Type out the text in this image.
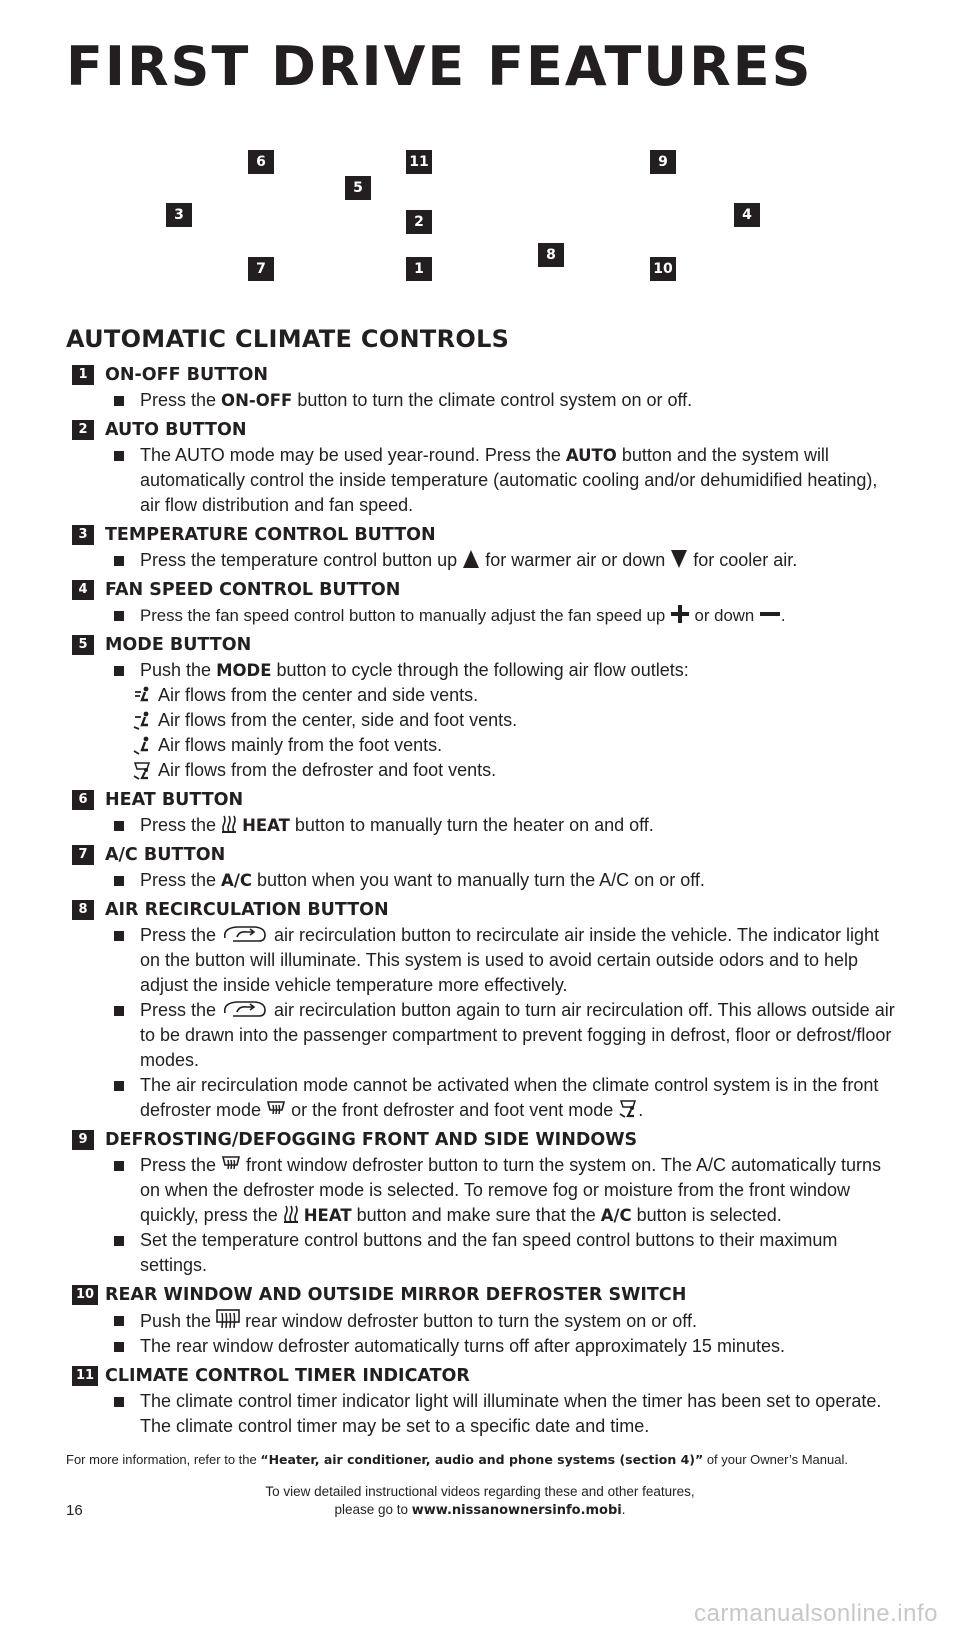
FIRST DRIVE FEATURES
6	11	9
5
3	2	4
8
7	1	10
AUTOMATIC CLIMATE CONTROLS
1 ON-OFF BUTTON
Press the ON-OFF button to turn the climate control system on or off.
2 AUTO BUTTON
The AUTO mode may be used year-round. Press the AUTO button and the system will automatically control the inside temperature (automatic cooling and/or dehumidified heating), air flow distribution and fan speed.
3 TEMPERATURE CONTROL BUTTON
Press the temperature control button up  for warmer air or down  for cooler air.
4 FAN SPEED CONTROL BUTTON
Press the fan speed control button to manually adjust the fan speed up  or down .
5 MODE BUTTON
Push the MODE button to cycle through the following air flow outlets:
Air flows from the center and side vents.
Air flows from the center, side and foot vents.
Air flows mainly from the foot vents.
Air flows from the defroster and foot vents.
6 HEAT BUTTON
Press the  HEAT button to manually turn the heater on and off.
7 A/C BUTTON
Press the A/C button when you want to manually turn the A/C on or off.
8 AIR RECIRCULATION BUTTON
Press the	air recirculation button to recirculate air inside the vehicle. The indicator light on the button will illuminate. This system is used to avoid certain outside odors and to help adjust the inside vehicle temperature more effectively.
Press the	air recirculation button again to turn air recirculation off. This allows outside air to be drawn into the passenger compartment to prevent fogging in defrost, floor or defrost/floor modes.
The air recirculation mode cannot be activated when the climate control system is in the front defroster mode  or the front defroster and foot vent mode .
9 DEFROSTING/DEFOGGING FRONT AND SIDE WINDOWS
Press the  front window defroster button to turn the system on. The A/C automatically turns on when the defroster mode is selected. To remove fog or moisture from the front window quickly, press the  HEAT button and make sure that the A/C button is selected.
Set the temperature control buttons and the fan speed control buttons to their maximum settings.
10 REAR WINDOW AND OUTSIDE MIRROR DEFROSTER SWITCH
Push the  rear window defroster button to turn the system on or off.
The rear window defroster automatically turns off after approximately 15 minutes.
11 CLIMATE CONTROL TIMER INDICATOR
The climate control timer indicator light will illuminate when the timer has been set to operate. The climate control timer may be set to a specific date and time.
For more information, refer to the “Heater, air conditioner, audio and phone systems (section 4)” of your Owner’s Manual.
16
To view detailed instructional videos regarding these and other features,
please go to www.nissanownersinfo.mobi.
carmanualsonline.info
